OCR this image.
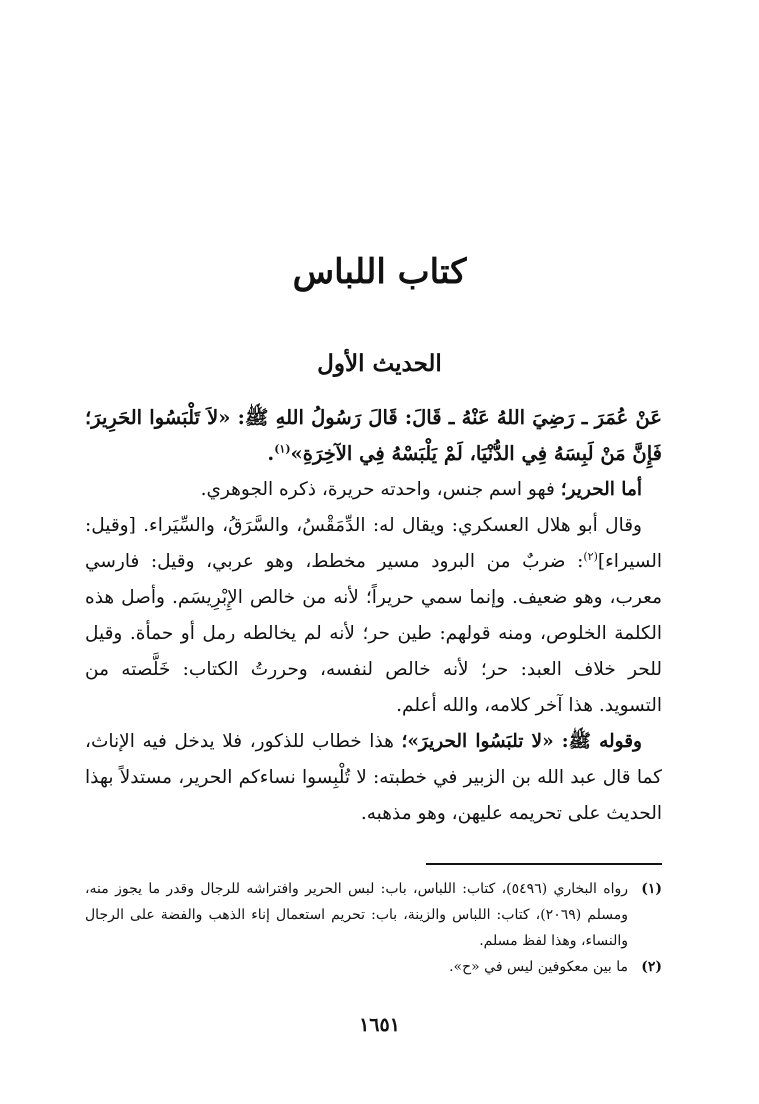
كتاب اللباس
الحديث الأول

عَنْ عُمَرَ ـ رَضِيَ اللهُ عَنْهُ ـ قَالَ: قَالَ رَسُولُ اللهِ ﷺ: «لاَ تَلْبَسُوا الحَرِيرَ؛ فَإِنَّ مَنْ لَبِسَهُ فِي الدُّنْيَا، لَمْ يَلْبَسْهُ فِي الآخِرَةِ»$^{(١)}$.

أما الحرير؛ فهو اسم جنس، واحدته حريرة، ذكره الجوهري.

وقال أبو هلال العسكري: ويقال له: الدِّمَقْسُ، والسَّرَقُ، والسِّيَراء. [وقيل: السيراء]$^{(٢)}$: ضربٌ من البرود مسير مخطط، وهو عربي، وقيل: فارسي معرب، وهو ضعيف. وإنما سمي حريراً؛ لأنه من خالص الإِبْرِيسَم. وأصل هذه الكلمة الخلوص، ومنه قولهم: طين حر؛ لأنه لم يخالطه رمل أو حمأة. وقيل للحر خلاف العبد: حر؛ لأنه خالص لنفسه، وحررتُ الكتاب: خَلَّصته من التسويد. هذا آخر كلامه، والله أعلم.

وقوله ﷺ: «لا تلبَسُوا الحريرَ»؛ هذا خطاب للذكور، فلا يدخل فيه الإناث، كما قال عبد الله بن الزبير في خطبته: لا تُلْبِسوا نساءكم الحرير، مستدلاً بهذا الحديث على تحريمه عليهن، وهو مذهبه.

(١)
رواه البخاري (٥٤٩٦)، كتاب: اللباس، باب: لبس الحرير وافتراشه للرجال وقدر ما يجوز منه، ومسلم (٢٠٦٩)، كتاب: اللباس والزينة، باب: تحريم استعمال إناء الذهب والفضة على الرجال والنساء، وهذا لفظ مسلم.
(٢)
ما بين معكوفين ليس في «ح».
١٦٥١
